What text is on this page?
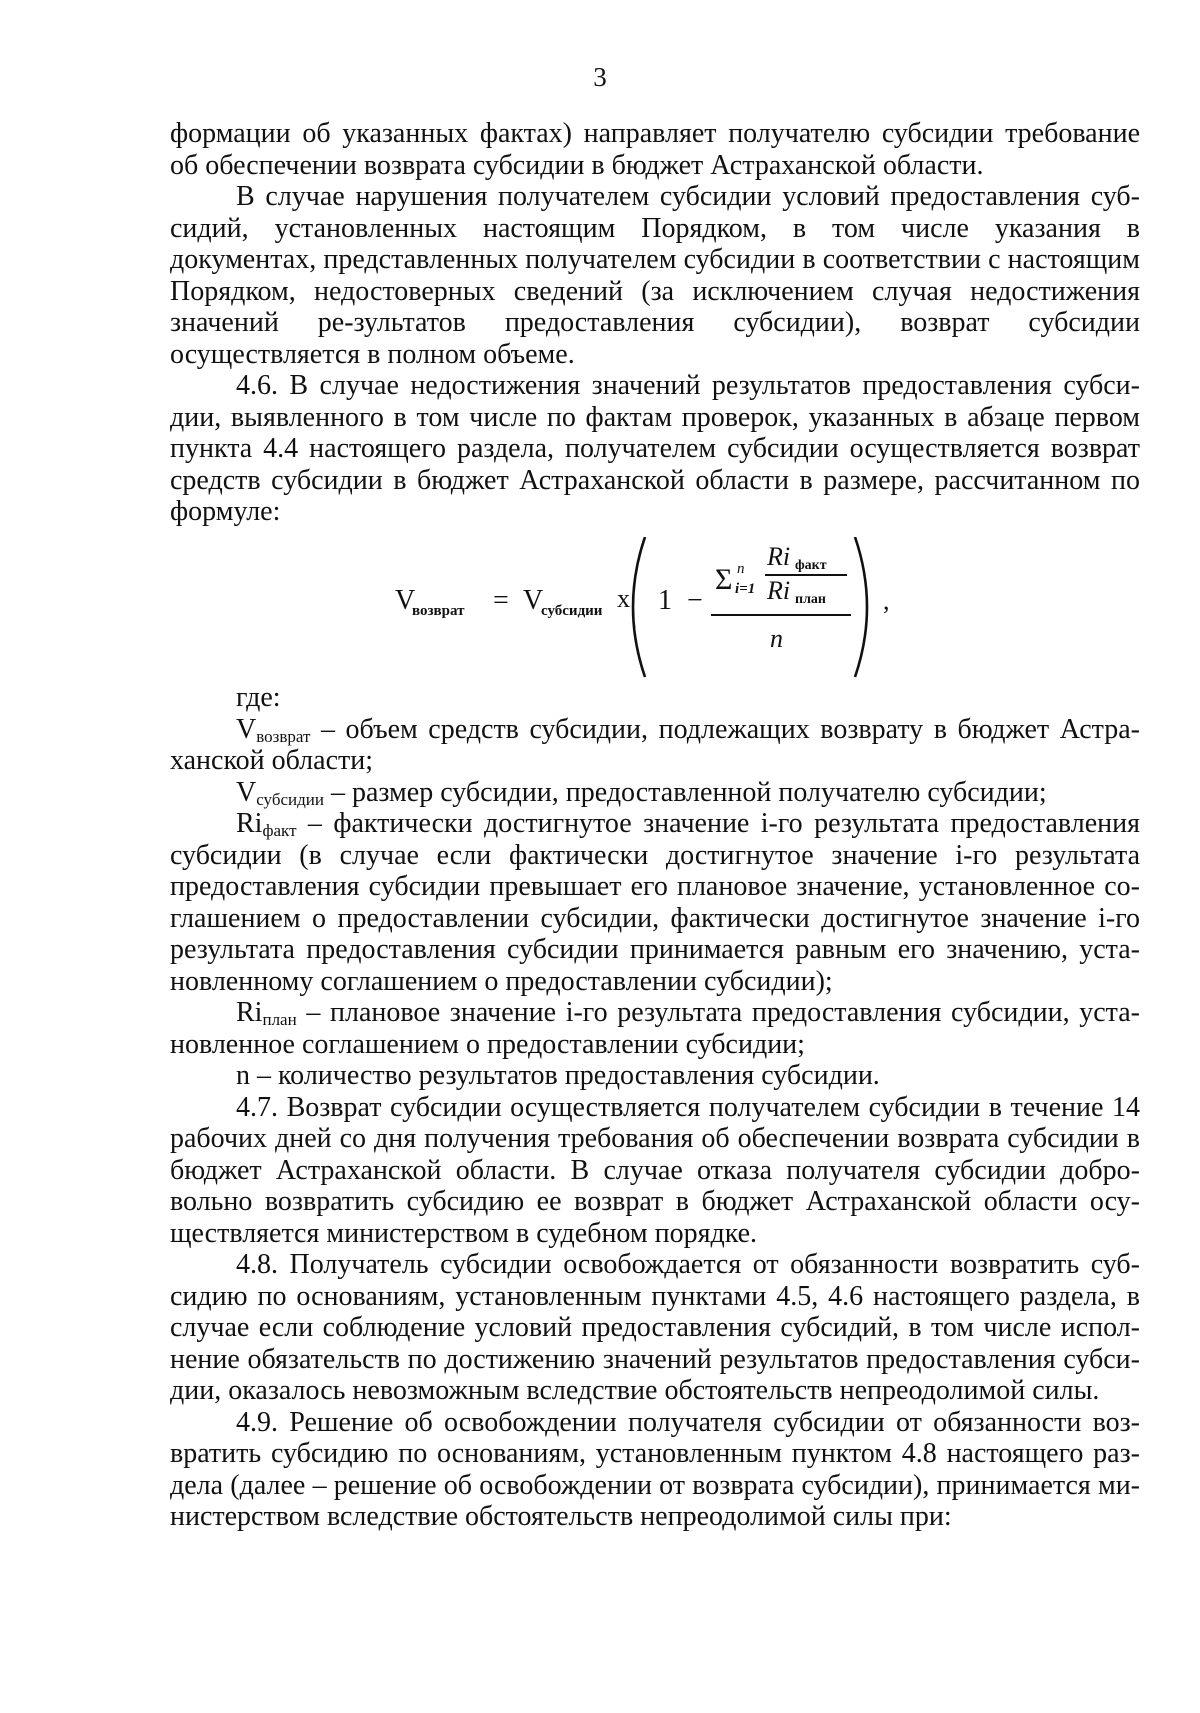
3

формации об указанных фактах) направляет получателю субсидии требование об обеспечении возврата субсидии в бюджет Астраханской области.

В случае нарушения получателем субсидии условий предоставления суб-сидий, установленных настоящим Порядком, в том числе указания в документах, представленных получателем субсидии в соответствии с настоящим Порядком, недостоверных сведений (за исключением случая недостижения значений ре-зультатов предоставления субсидии), возврат субсидии осуществляется в полном объеме.

4.6. В случае недостижения значений результатов предоставления субси-дии, выявленного в том числе по фактам проверок, указанных в абзаце первом пункта 4.4 настоящего раздела, получателем субсидии осуществляется возврат средств субсидии в бюджет Астраханской области в размере, рассчитанном по формуле:

V
возврат = V
субсидии x 1 −
Σ n
i=1
Ri факт
Ri план
n
,

где:

$V_{возврат}$ – объем средств субсидии, подлежащих возврату в бюджет Астра-ханской области;

$V_{субсидии}$ – размер субсидии, предоставленной получателю субсидии;

$Ri_{факт}$ – фактически достигнутое значение i-го результата предоставления субсидии (в случае если фактически достигнутое значение i-го результата предоставления субсидии превышает его плановое значение, установленное со-глашением о предоставлении субсидии, фактически достигнутое значение i-го результата предоставления субсидии принимается равным его значению, уста-новленному соглашением о предоставлении субсидии);

$Ri_{план}$ – плановое значение i-го результата предоставления субсидии, уста-новленное соглашением о предоставлении субсидии;

n – количество результатов предоставления субсидии.

4.7. Возврат субсидии осуществляется получателем субсидии в течение 14 рабочих дней со дня получения требования об обеспечении возврата субсидии в бюджет Астраханской области. В случае отказа получателя субсидии добро-вольно возвратить субсидию ее возврат в бюджет Астраханской области осу-ществляется министерством в судебном порядке.

4.8. Получатель субсидии освобождается от обязанности возвратить суб-сидию по основаниям, установленным пунктами 4.5, 4.6 настоящего раздела, в случае если соблюдение условий предоставления субсидий, в том числе испол-нение обязательств по достижению значений результатов предоставления субси-дии, оказалось невозможным вследствие обстоятельств непреодолимой силы.

4.9. Решение об освобождении получателя субсидии от обязанности воз-вратить субсидию по основаниям, установленным пунктом 4.8 настоящего раз-дела (далее – решение об освобождении от возврата субсидии), принимается ми-нистерством вследствие обстоятельств непреодолимой силы при:
